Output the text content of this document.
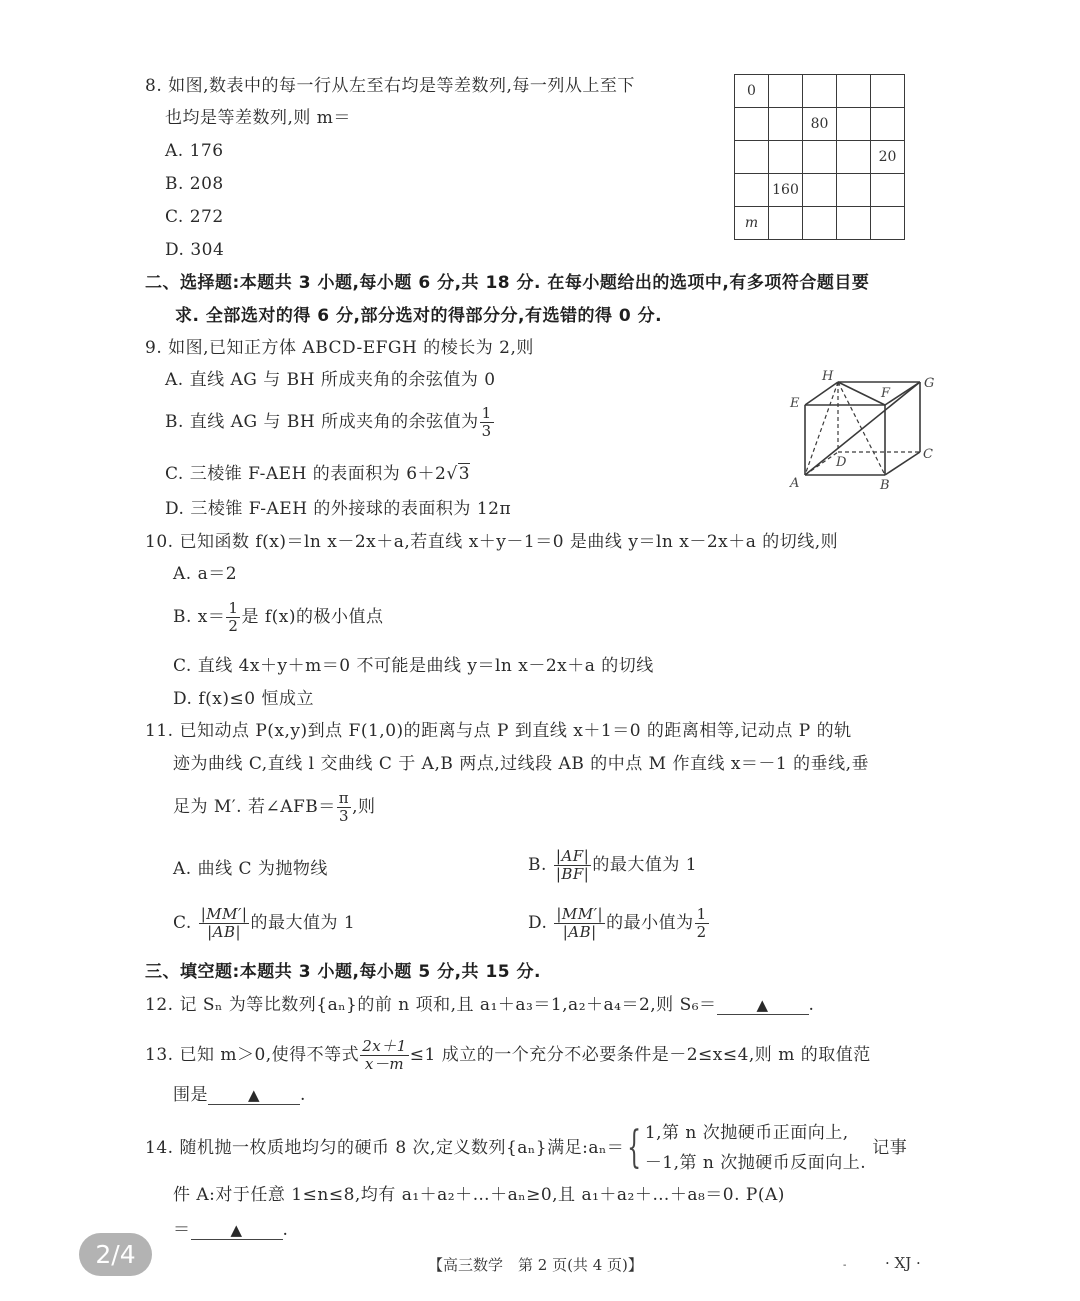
8. 如图,数表中的每一行从左至右均是等差数列,每一列从上至下
也均是等差数列,则 m＝
A. 176
B. 208
C. 272
D. 304
0				
		80		
				20
	160			
m				
二、选择题:本题共 3 小题,每小题 6 分,共 18 分. 在每小题给出的选项中,有多项符合题目要
求. 全部选对的得 6 分,部分选对的得部分分,有选错的得 0 分.
9. 如图,已知正方体 ABCD-EFGH 的棱长为 2,则
A. 直线 AG 与 BH 所成夹角的余弦值为 0
B. 直线 AG 与 BH 所成夹角的余弦值为 $\frac{1}{3}$
C. 三棱锥 F-AEH 的表面积为 6＋2√3
D. 三棱锥 F-AEH 的外接球的表面积为 12π
A	B
C
D
E
F
G
H
10. 已知函数 f(x)＝ln x－2x＋a,若直线 x＋y－1＝0 是曲线 y＝ln x－2x＋a 的切线,则
A. a＝2
B. $x= \frac{1}{2}$ 是 f(x)的极小值点
C. 直线 4x＋y＋m＝0 不可能是曲线 y＝ln x－2x＋a 的切线
D. f(x)≤0 恒成立
11. 已知动点 P(x,y)到点 F(1,0)的距离与点 P 到直线 x＋1＝0 的距离相等,记动点 P 的轨
迹为曲线 C,直线 l 交曲线 C 于 A,B 两点,过线段 AB 的中点 M 作直线 x＝－1 的垂线,垂
足为 M′. 若∠AFB＝ $\frac{\pi}{3}$ ,则
A. 曲线 C 为抛物线	B. $\frac{|AF|}{|BF|}$ 的最大值为 1
C. $\frac{|MM'|}{|AB|}$ 的最大值为 1	D. $\frac{|MM'|}{|AB|}$ 的最小值为 $\frac{1}{2}$
三、填空题:本题共 3 小题,每小题 5 分,共 15 分.
12. 记 Sₙ 为等比数列{aₙ}的前 n 项和,且 a₁＋a₃＝1,a₂＋a₄＝2,则 S₆＝	▲ .
13. 已知 m＞0,使得不等式 $\frac{2x+1}{x-m} \le 1$ 成立的一个充分不必要条件是－2≤x≤4,则 m 的取值范
围是	▲ .
14. 随机抛一枚质地均匀的硬币 8 次,定义数列{aₙ}满足:aₙ＝{ 1,第 n 次抛硬币正面向上,
－1,第 n 次抛硬币反面向上.
记事
件 A:对于任意 1≤n≤8,均有 a₁＋a₂＋…＋aₙ≥0,且 a₁＋a₂＋…＋a₈＝0. P(A)
＝	▲ .
2/4	【高三数学　第 2 页(共 4 页)】	-	· XJ ·
